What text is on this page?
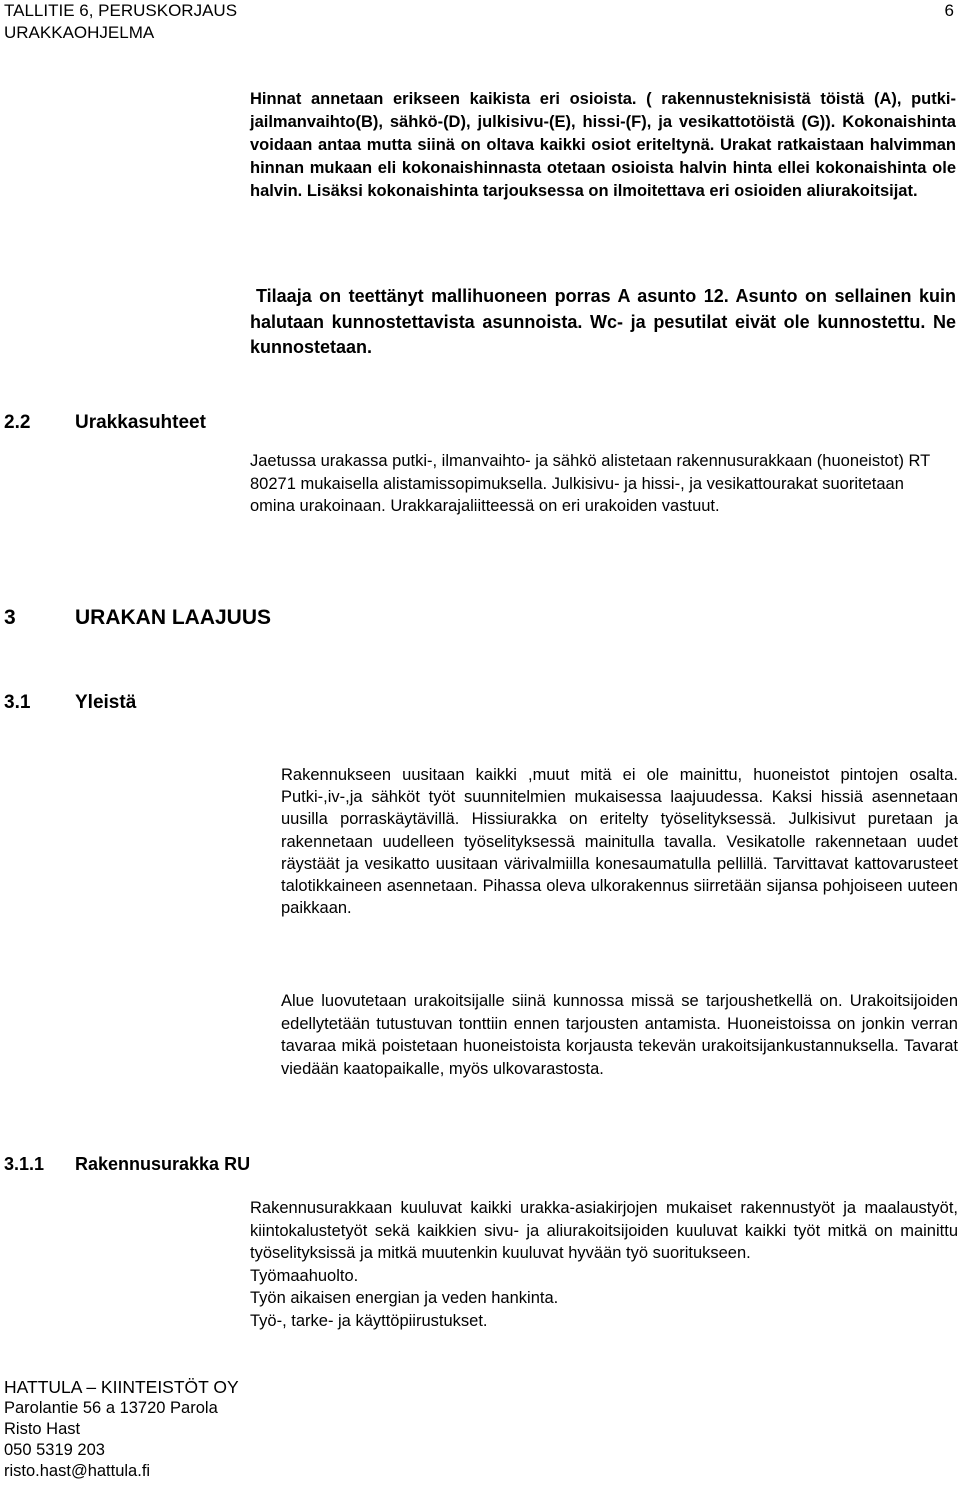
TALLITIE 6, PERUSKORJAUS
URAKKAOHJELMA
6
Hinnat annetaan erikseen kaikista eri osioista. ( rakennusteknisistä töistä (A), putki- jailmanvaihto(B), sähkö-(D), julkisivu-(E), hissi-(F), ja vesikattotöistä (G)). Kokonaishinta voidaan antaa mutta siinä on oltava kaikki osiot eriteltynä. Urakat ratkaistaan halvimman hinnan mukaan eli kokonaishinnasta otetaan osioista halvin hinta ellei kokonaishinta ole halvin. Lisäksi kokonaishinta tarjouksessa on ilmoitettava eri osioiden aliurakoitsijat.
Tilaaja on teettänyt mallihuoneen porras A asunto 12. Asunto on sellainen kuin halutaan kunnostettavista asunnoista. Wc- ja pesutilat eivät ole kunnostettu. Ne kunnostetaan.
2.2 Urakkasuhteet
Jaetussa urakassa putki-, ilmanvaihto- ja sähkö alistetaan rakennusurakkaan (huoneistot) RT 80271 mukaisella alistamissopimuksella. Julkisivu- ja hissi-, ja vesikattourakat suoritetaan omina urakoinaan. Urakkarajaliitteessä on eri urakoiden vastuut.
3	URAKAN LAAJUUS
3.1 Yleistä
Rakennukseen uusitaan kaikki ,muut mitä ei ole mainittu, huoneistot pintojen osalta. Putki-,iv-,ja sähköt työt suunnitelmien mukaisessa laajuudessa. Kaksi hissiä asennetaan uusilla porraskäytävillä. Hissiurakka on eritelty työselityksessä. Julkisivut puretaan ja rakennetaan uudelleen työselityksessä mainitulla tavalla. Vesikatolle rakennetaan uudet räystäät ja vesikatto uusitaan värivalmiilla konesaumatulla pellillä. Tarvittavat kattovarusteet talotikkaineen asennetaan. Pihassa oleva ulkorakennus siirretään sijansa pohjoiseen uuteen paikkaan.
Alue luovutetaan urakoitsijalle siinä kunnossa missä se tarjoushetkellä on. Urakoitsijoiden edellytetään tutustuvan tonttiin ennen tarjousten antamista. Huoneistoissa on jonkin verran tavaraa mikä poistetaan huoneistoista korjausta tekevän urakoitsijankustannuksella. Tavarat viedään kaatopaikalle, myös ulkovarastosta.
3.1.1 Rakennusurakka RU
Rakennusurakkaan kuuluvat kaikki urakka-asiakirjojen mukaiset rakennustyöt ja maalaustyöt, kiintokalustetyöt sekä kaikkien sivu- ja aliurakoitsijoiden kuuluvat kaikki työt mitkä on mainittu työselityksissä ja mitkä muutenkin kuuluvat hyvään työ suoritukseen.
Työmaahuolto.
Työn aikaisen energian ja veden hankinta.
Työ-, tarke- ja käyttöpiirustukset.
HATTULA – KIINTEISTÖT OY
Parolantie 56 a 13720 Parola
Risto Hast
050 5319 203
risto.hast@hattula.fi
